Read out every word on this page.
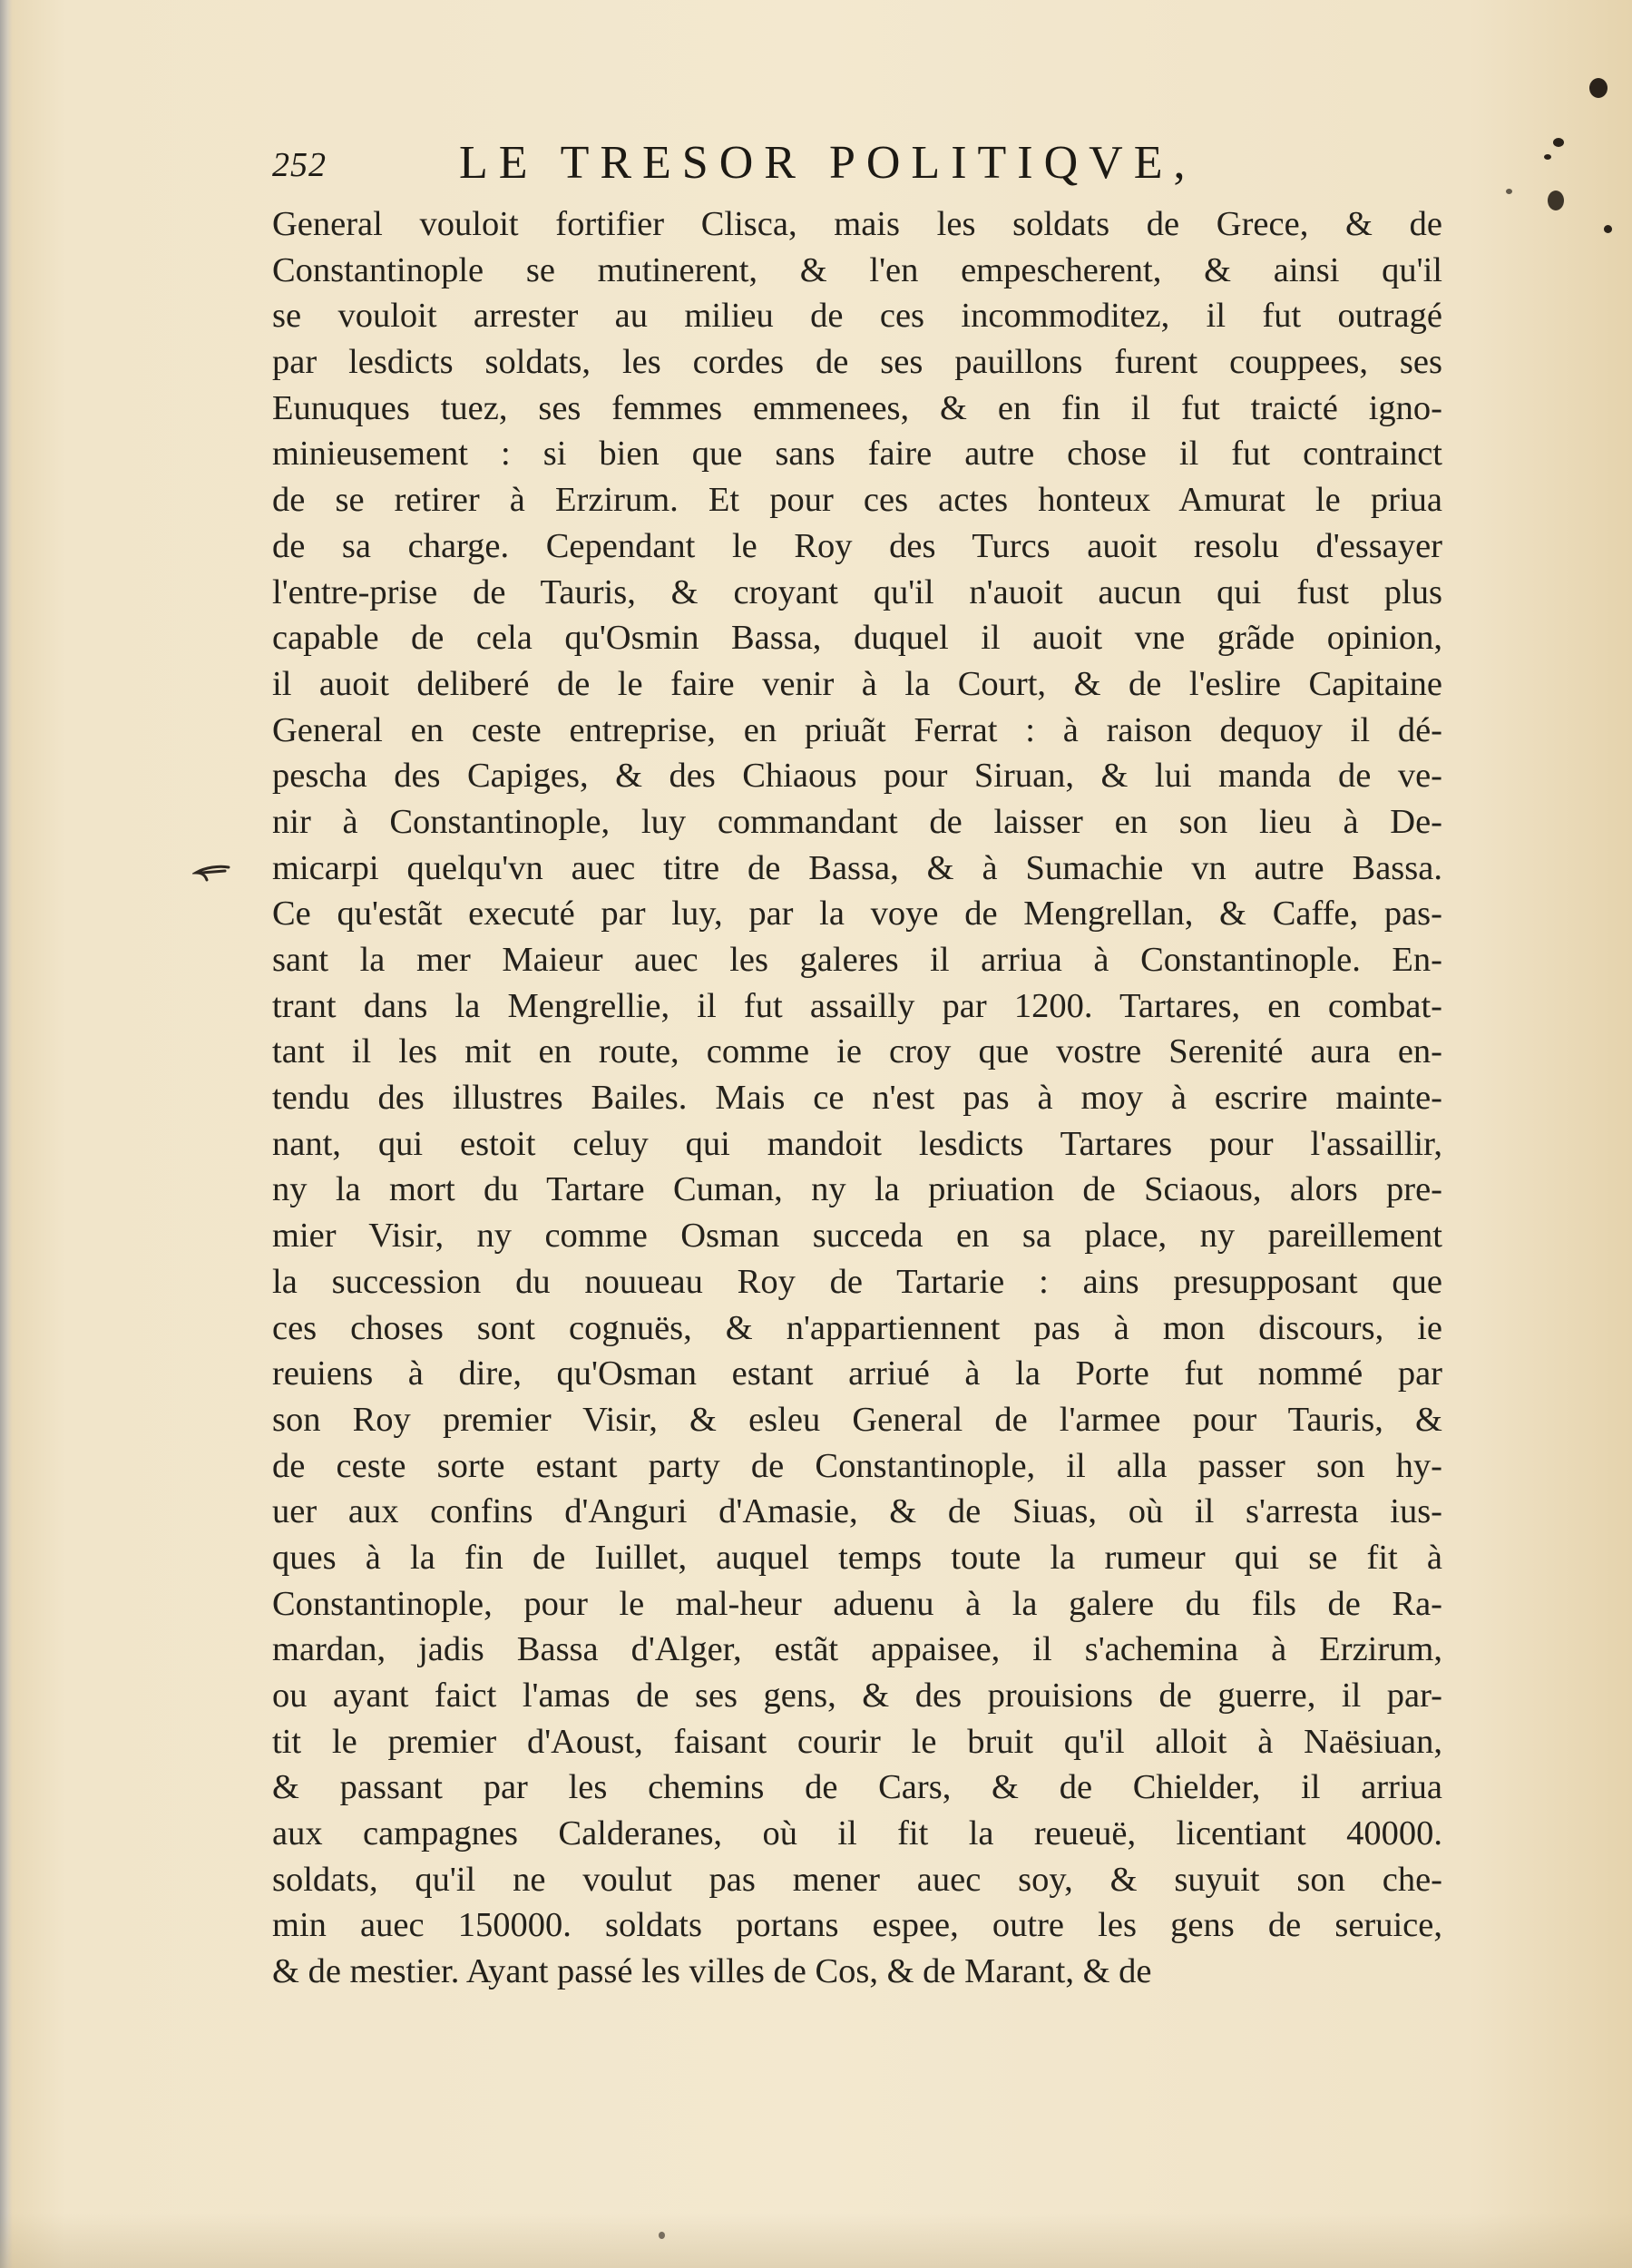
252	LE TRESOR POLITIQVE,
General vouloit fortifier Clisca, mais les soldats de Grece, & de
Constantinople se mutinerent, & l'en empescherent, & ainsi qu'il
se vouloit arrester au milieu de ces incommoditez, il fut outragé
par lesdicts soldats, les cordes de ses pauillons furent couppees, ses
Eunuques tuez, ses femmes emmenees, & en fin il fut traicté igno-
minieusement : si bien que sans faire autre chose il fut contrainct
de se retirer à Erzirum. Et pour ces actes honteux Amurat le priua
de sa charge. Cependant le Roy des Turcs auoit resolu d'essayer
l'entre-prise de Tauris, & croyant qu'il n'auoit aucun qui fust plus
capable de cela qu'Osmin Bassa, duquel il auoit vne grãde opinion,
il auoit deliberé de le faire venir à la Court, & de l'eslire Capitaine
General en ceste entreprise, en priuãt Ferrat : à raison dequoy il dé-
pescha des Capiges, & des Chiaous pour Siruan, & lui manda de ve-
nir à Constantinople, luy commandant de laisser en son lieu à De-
micarpi quelqu'vn auec titre de Bassa, & à Sumachie vn autre Bassa.
Ce qu'estãt executé par luy, par la voye de Mengrellan, & Caffe, pas-
sant la mer Maieur auec les galeres il arriua à Constantinople. En-
trant dans la Mengrellie, il fut assailly par 1200. Tartares, en combat-
tant il les mit en route, comme ie croy que vostre Serenité aura en-
tendu des illustres Bailes. Mais ce n'est pas à moy à escrire mainte-
nant, qui estoit celuy qui mandoit lesdicts Tartares pour l'assaillir,
ny la mort du Tartare Cuman, ny la priuation de Sciaous, alors pre-
mier Visir, ny comme Osman succeda en sa place, ny pareillement
la succession du nouueau Roy de Tartarie : ains presupposant que
ces choses sont cognuës, & n'appartiennent pas à mon discours, ie
reuiens à dire, qu'Osman estant arriué à la Porte fut nommé par
son Roy premier Visir, & esleu General de l'armee pour Tauris, &
de ceste sorte estant party de Constantinople, il alla passer son hy-
uer aux confins d'Anguri d'Amasie, & de Siuas, où il s'arresta ius-
ques à la fin de Iuillet, auquel temps toute la rumeur qui se fit à
Constantinople, pour le mal-heur aduenu à la galere du fils de Ra-
mardan, jadis Bassa d'Alger, estãt appaisee, il s'achemina à Erzirum,
ou ayant faict l'amas de ses gens, & des prouisions de guerre, il par-
tit le premier d'Aoust, faisant courir le bruit qu'il alloit à Naësiuan,
& passant par les chemins de Cars, & de Chielder, il arriua
aux campagnes Calderanes, où il fit la reueuë, licentiant 40000.
soldats, qu'il ne voulut pas mener auec soy, & suyuit son che-
min auec 150000. soldats portans espee, outre les gens de seruice,
& de mestier. Ayant passé les villes de Cos, & de Marant, & de
